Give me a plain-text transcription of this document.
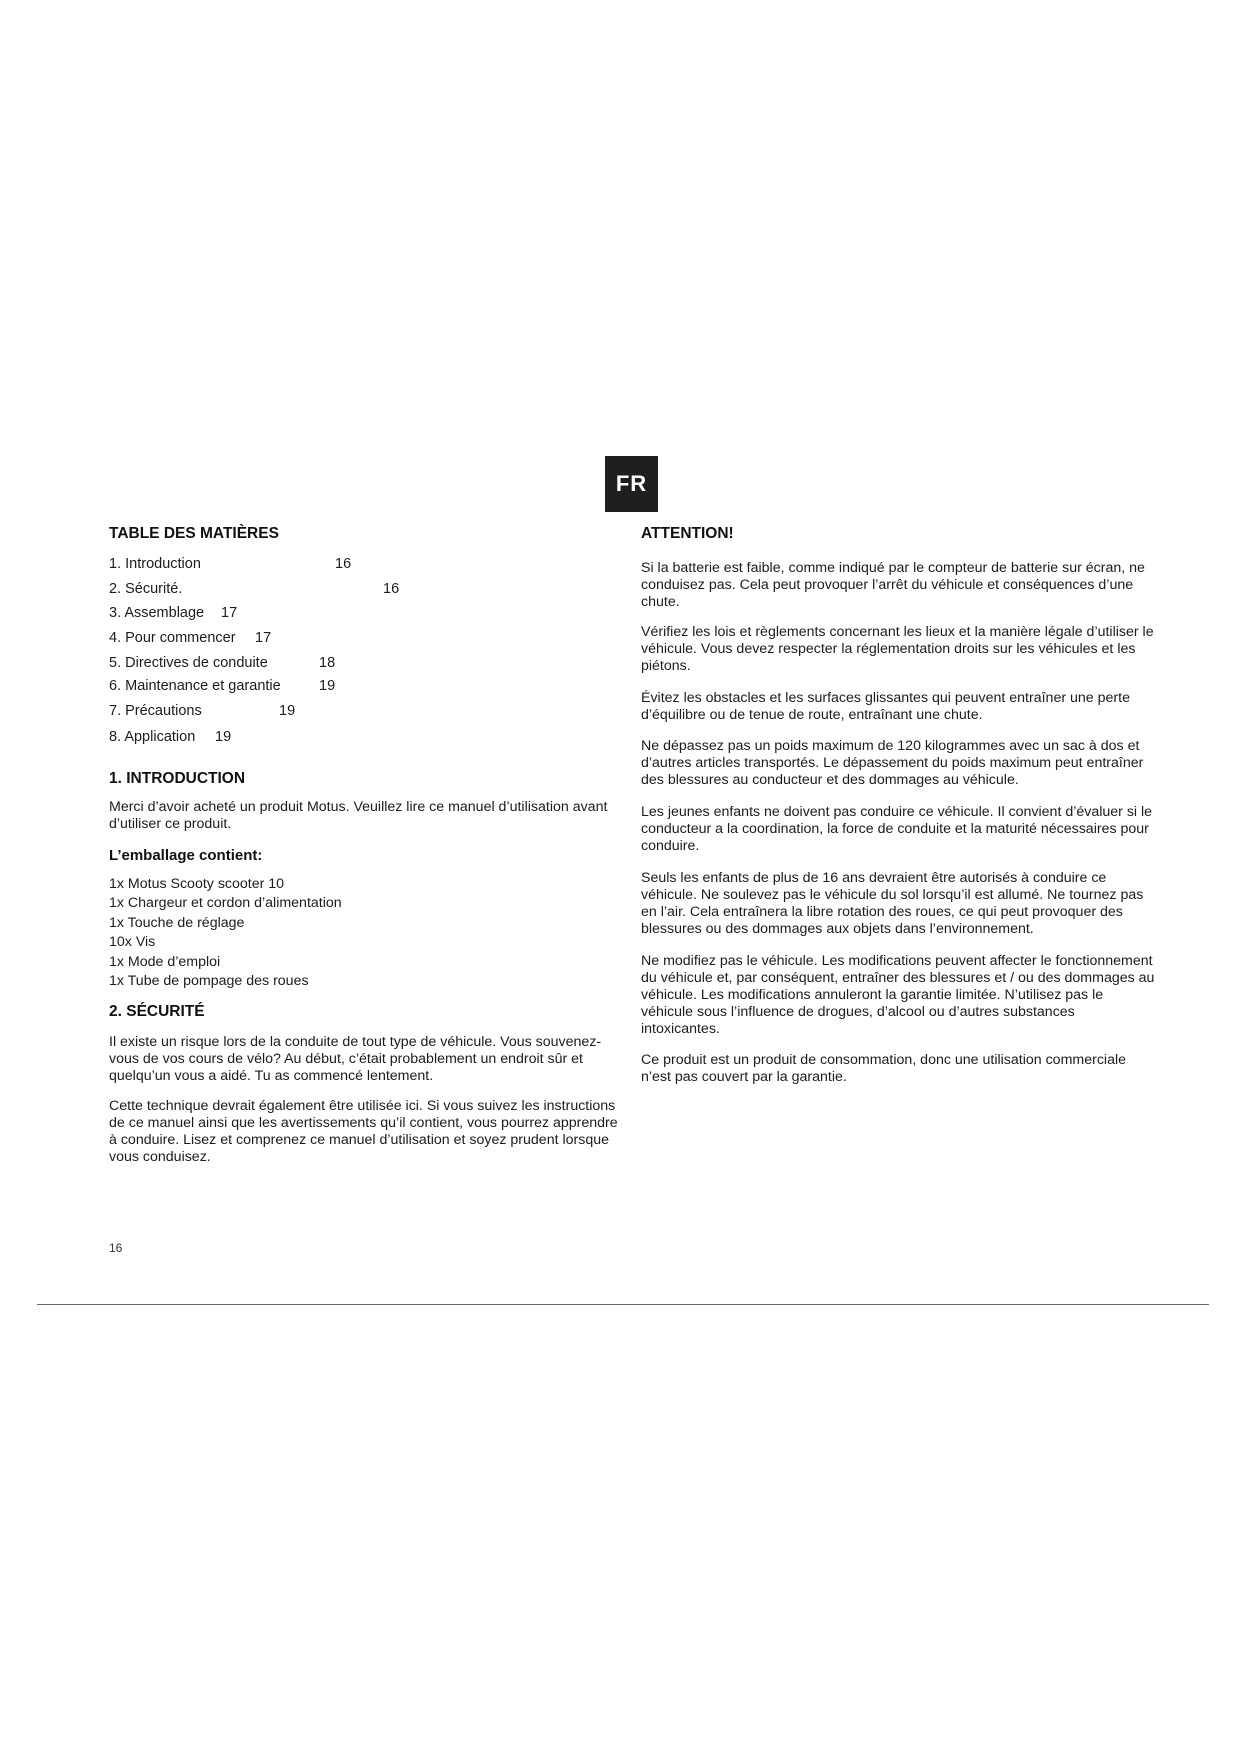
FR
TABLE DES MATIÈRES
1. Introduction	16
2. Sécurité.	16
3. Assemblage 17
4. Pour commencer 17
5. Directives de conduite	18
6. Maintenance et garantie	19
7. Précautions	19
8. Application 19
1. INTRODUCTION
Merci d’avoir acheté un produit Motus. Veuillez lire ce manuel d’utilisation avant d’utiliser ce produit.
L’emballage contient:
1x Motus Scooty scooter 10
1x Chargeur et cordon d’alimentation
1x Touche de réglage
10x Vis
1x Mode d’emploi
1x Tube de pompage des roues
2. SÉCURITÉ
Il existe un risque lors de la conduite de tout type de véhicule. Vous souvenez-vous de vos cours de vélo? Au début, c’était probablement un endroit sûr et quelqu’un vous a aidé. Tu as commencé lentement.
Cette technique devrait également être utilisée ici. Si vous suivez les instructions de ce manuel ainsi que les avertissements qu’il contient, vous pourrez apprendre à conduire. Lisez et comprenez ce manuel d’utilisation et soyez prudent lorsque vous conduisez.
ATTENTION!
Si la batterie est faible, comme indiqué par le compteur de batterie sur écran, ne conduisez pas. Cela peut provoquer l’arrêt du véhicule et conséquences d’une chute.
Vérifiez les lois et règlements concernant les lieux et la manière légale d’utiliser le véhicule. Vous devez respecter la réglementation droits sur les véhicules et les piétons.
Évitez les obstacles et les surfaces glissantes qui peuvent entraîner une perte d’équilibre ou de tenue de route, entraînant une chute.
Ne dépassez pas un poids maximum de 120 kilogrammes avec un sac à dos et d’autres articles transportés. Le dépassement du poids maximum peut entraîner des blessures au conducteur et des dommages au véhicule.
Les jeunes enfants ne doivent pas conduire ce véhicule. Il convient d’évaluer si le conducteur a la coordination, la force de conduite et la maturité nécessaires pour conduire.
Seuls les enfants de plus de 16 ans devraient être autorisés à conduire ce véhicule. Ne soulevez pas le véhicule du sol lorsqu’il est allumé. Ne tournez pas en l’air. Cela entraînera la libre rotation des roues, ce qui peut provoquer des blessures ou des dommages aux objets dans l’environnement.
Ne modifiez pas le véhicule. Les modifications peuvent affecter le fonctionnement du véhicule et, par conséquent, entraîner des blessures et / ou des dommages au véhicule. Les modifications annuleront la garantie limitée. N’utilisez pas le véhicule sous l’influence de drogues, d’alcool ou d’autres substances intoxicantes.
Ce produit est un produit de consommation, donc une utilisation commerciale n’est pas couvert par la garantie.
16
